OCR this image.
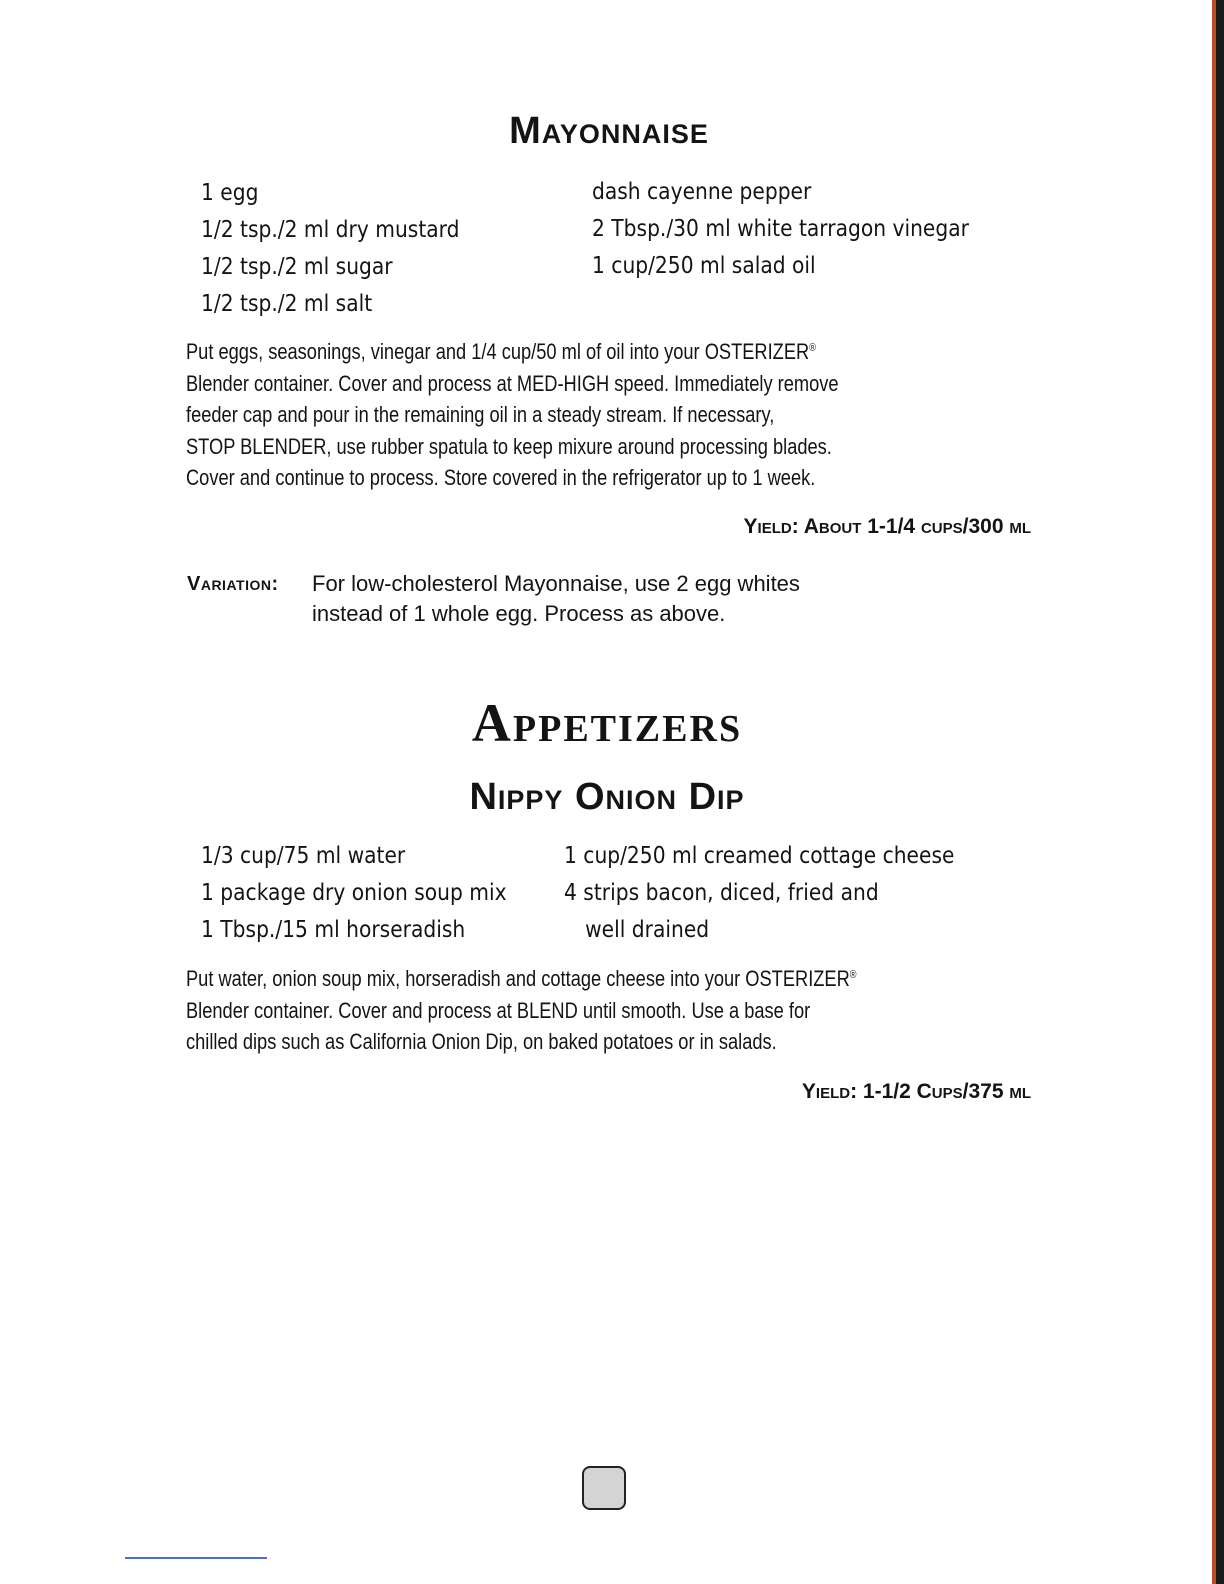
Mayonnaise
1 egg
1/2 tsp./2 ml dry mustard
1/2 tsp./2 ml sugar
1/2 tsp./2 ml salt
dash cayenne pepper
2 Tbsp./30 ml white tarragon vinegar
1 cup/250 ml salad oil
Put eggs, seasonings, vinegar and 1/4 cup/50 ml of oil into your OSTERIZER®
Blender container. Cover and process at MED-HIGH speed. Immediately remove
feeder cap and pour in the remaining oil in a steady stream. If necessary,
STOP BLENDER, use rubber spatula to keep mixure around processing blades.
Cover and continue to process. Store covered in the refrigerator up to 1 week.

Yield: About 1-1/4 cups/300 ml

Variation: For low-cholesterol Mayonnaise, use 2 egg whites
instead of 1 whole egg. Process as above.
Appetizers
Nippy Onion Dip
1/3 cup/75 ml water
1 package dry onion soup mix
1 Tbsp./15 ml horseradish
1 cup/250 ml creamed cottage cheese
4 strips bacon, diced, fried and
well drained
Put water, onion soup mix, horseradish and cottage cheese into your OSTERIZER®
Blender container. Cover and process at BLEND until smooth. Use a base for
chilled dips such as California Onion Dip, on baked potatoes or in salads.

Yield: 1-1/2 Cups/375 ml
